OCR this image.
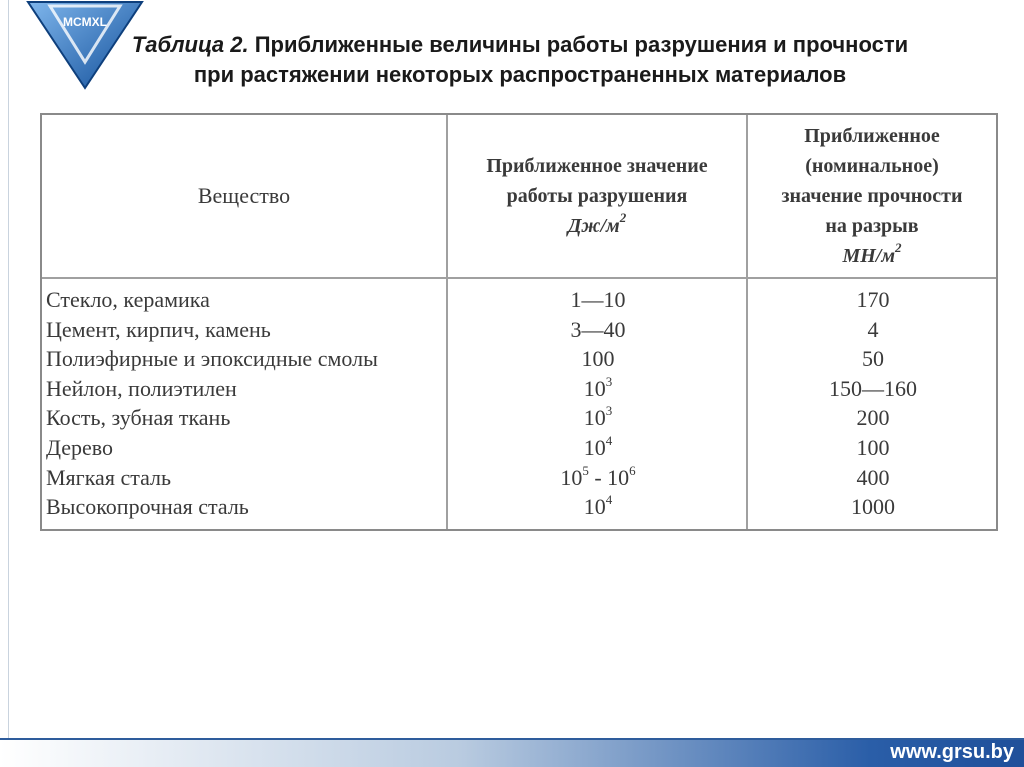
MCMXL
Таблица 2. Приближенные величины работы разрушения и прочности
при растяжении некоторых распространенных материалов
Вещество
Приближенное значение
работы разрушения
$Дж/м^2$
Приближенное
(номинальное)
значение прочности
на разрыв
$МН/м^2$
Стекло, керамика	1—10	170
Цемент, кирпич, камень	3—40	4
Полиэфирные и эпоксидные смолы	100	50
Нейлон, полиэтилен	$10^3$	150—160
Кость, зубная ткань	$10^3$	200
Дерево	$10^4$	100
Мягкая сталь	$10^5 - 10^6$	400
Высокопрочная сталь	$10^4$	1000
www.grsu.by
